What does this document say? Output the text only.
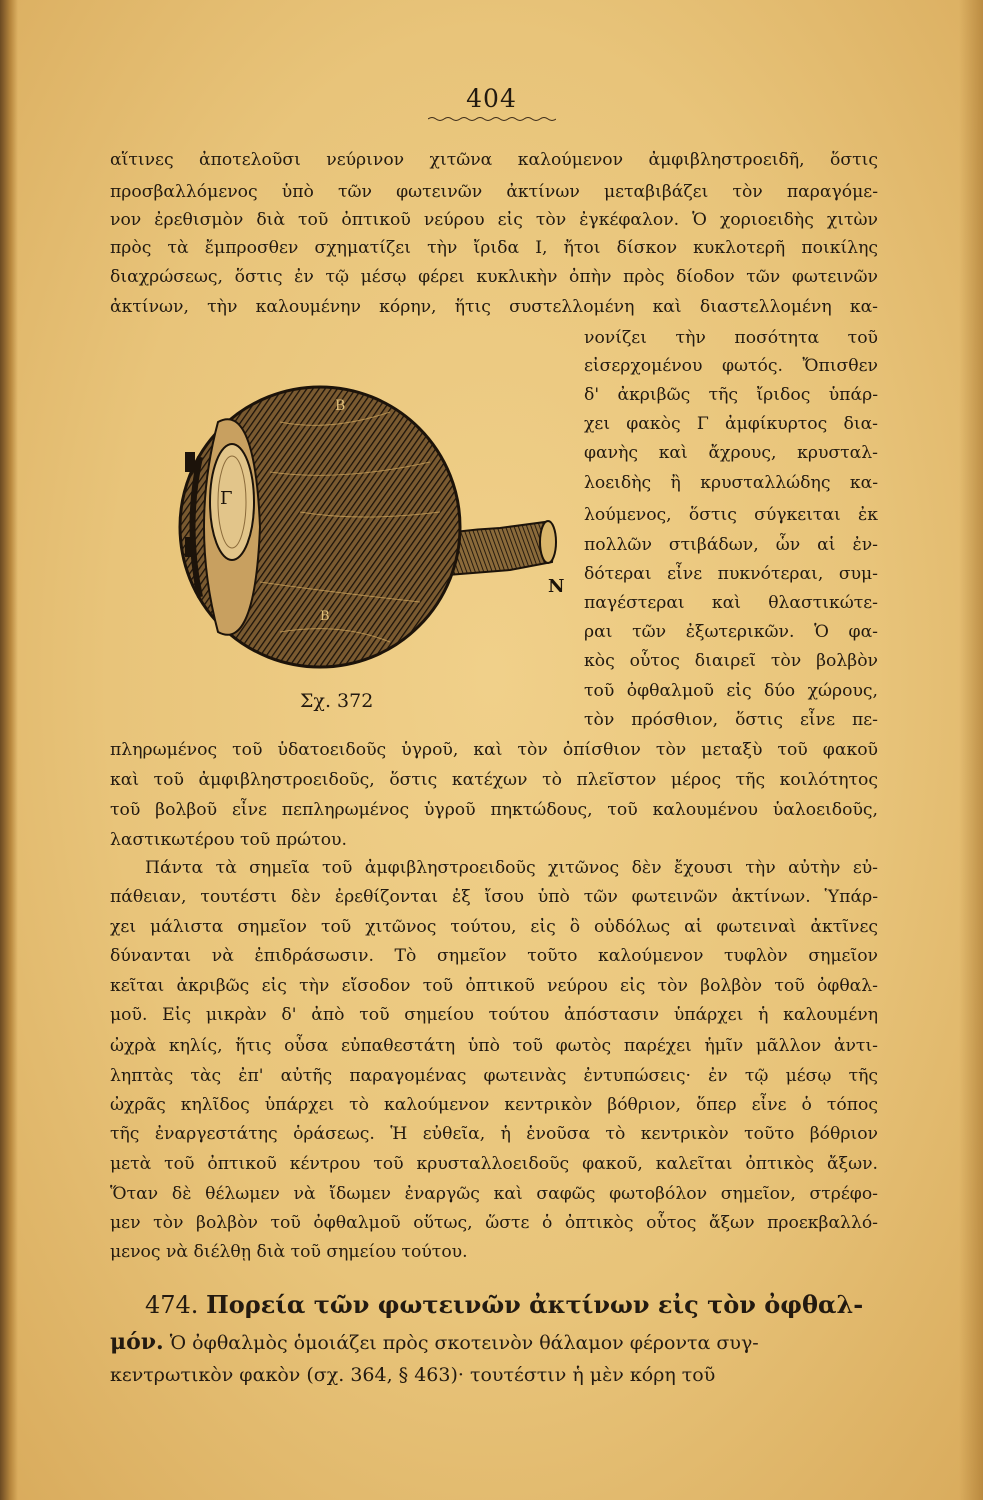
404
αἵτινες ἀποτελοῦσι νεύρινον χιτῶνα καλούμενον ἀμφιβληστροειδῆ, ὅστις
προσβαλλόμενος ὑπὸ τῶν φωτεινῶν ἀκτίνων μεταβιβάζει τὸν παραγόμε-
νον ἐρεθισμὸν διὰ τοῦ ὀπτικοῦ νεύρου εἰς τὸν ἐγκέφαλον. Ὁ χοριοειδὴς χιτὼν
πρὸς τὰ ἔμπροσθεν σχηματίζει τὴν ἴριδα Ι, ἤτοι δίσκον κυκλοτερῆ ποικίλης
διαχρώσεως, ὅστις ἐν τῷ μέσῳ φέρει κυκλικὴν ὀπὴν πρὸς δίοδον τῶν φωτεινῶν
ἀκτίνων, τὴν καλουμένην κόρην, ἥτις συστελλομένη καὶ διαστελλομένη κα-
νονίζει τὴν ποσότητα τοῦ
εἰσερχομένου φωτός. Ὄπισθεν
δ' ἀκριβῶς τῆς ἴριδος ὑπάρ-
χει φακὸς Γ ἀμφίκυρτος δια-
φανὴς καὶ ἄχρους, κρυσταλ-
λοειδὴς ἢ κρυσταλλώδης κα-
λούμενος, ὅστις σύγκειται ἐκ
πολλῶν στιβάδων, ὧν αἱ ἐν-
δότεραι εἶνε πυκνότεραι, συμ-
παγέστεραι καὶ θλαστικώτε-
ραι τῶν ἐξωτερικῶν. Ὁ φα-
κὸς οὗτος διαιρεῖ τὸν βολβὸν
τοῦ ὀφθαλμοῦ εἰς δύο χώρους,
τὸν πρόσθιον, ὅστις εἶνε πε-
Β
Γ
Β
Ν
Σχ. 372
πληρωμένος τοῦ ὑδατοειδοῦς ὑγροῦ, καὶ τὸν ὀπίσθιον τὸν μεταξὺ τοῦ φακοῦ
καὶ τοῦ ἀμφιβληστροειδοῦς, ὅστις κατέχων τὸ πλεῖστον μέρος τῆς κοιλότητος
τοῦ βολβοῦ εἶνε πεπληρωμένος ὑγροῦ πηκτώδους, τοῦ καλουμένου ὑαλοειδοῦς,
λαστικωτέρου τοῦ πρώτου.
Πάντα τὰ σημεῖα τοῦ ἀμφιβληστροειδοῦς χιτῶνος δὲν ἔχουσι τὴν αὐτὴν εὐ-
πάθειαν, τουτέστι δὲν ἐρεθίζονται ἐξ ἴσου ὑπὸ τῶν φωτεινῶν ἀκτίνων. Ὑπάρ-
χει μάλιστα σημεῖον τοῦ χιτῶνος τούτου, εἰς ὃ οὐδόλως αἱ φωτειναὶ ἀκτῖνες
δύνανται νὰ ἐπιδράσωσιν. Τὸ σημεῖον τοῦτο καλούμενον τυφλὸν σημεῖον
κεῖται ἀκριβῶς εἰς τὴν εἴσοδον τοῦ ὀπτικοῦ νεύρου εἰς τὸν βολβὸν τοῦ ὀφθαλ-
μοῦ. Εἰς μικρὰν δ' ἀπὸ τοῦ σημείου τούτου ἀπόστασιν ὑπάρχει ἡ καλουμένη
ὠχρὰ κηλίς, ἥτις οὖσα εὐπαθεστάτη ὑπὸ τοῦ φωτὸς παρέχει ἡμῖν μᾶλλον ἀντι-
ληπτὰς τὰς ἐπ' αὐτῆς παραγομένας φωτεινὰς ἐντυπώσεις· ἐν τῷ μέσῳ τῆς
ὠχρᾶς κηλῖδος ὑπάρχει τὸ καλούμενον κεντρικὸν βόθριον, ὅπερ εἶνε ὁ τόπος
τῆς ἐναργεστάτης ὁράσεως. Ἡ εὐθεῖα, ἡ ἑνοῦσα τὸ κεντρικὸν τοῦτο βόθριον
μετὰ τοῦ ὀπτικοῦ κέντρου τοῦ κρυσταλλοειδοῦς φακοῦ, καλεῖται ὀπτικὸς ἄξων.
Ὅταν δὲ θέλωμεν νὰ ἴδωμεν ἐναργῶς καὶ σαφῶς φωτοβόλον σημεῖον, στρέφο-
μεν τὸν βολβὸν τοῦ ὀφθαλμοῦ οὕτως, ὥστε ὁ ὀπτικὸς οὗτος ἄξων προεκβαλλό-
μενος νὰ διέλθῃ διὰ τοῦ σημείου τούτου.
474. Πορεία τῶν φωτεινῶν ἀκτίνων εἰς τὸν ὀφθαλ-
μόν. Ὁ ὀφθαλμὸς ὁμοιάζει πρὸς σκοτεινὸν θάλαμον φέροντα συγ-
κεντρωτικὸν φακὸν (σχ. 364, § 463)· τουτέστιν ἡ μὲν κόρη τοῦ
